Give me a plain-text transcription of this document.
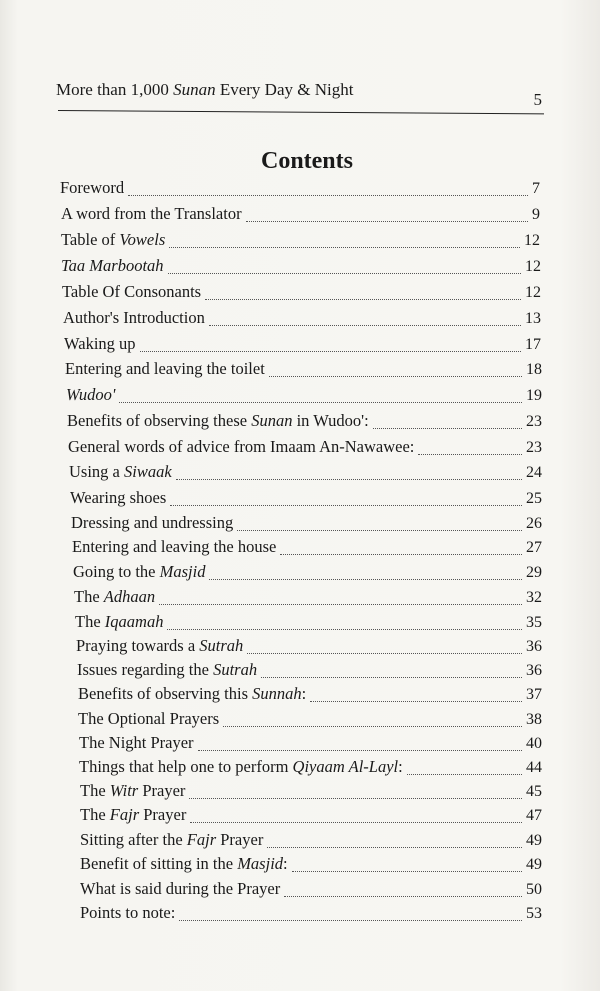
More than 1,000 Sunan Every Day & Night
5
Contents
Foreword	7
A word from the Translator	9
Table of Vowels	12
Taa Marbootah	12
Table Of Consonants	12
Author's Introduction	13
Waking up	17
Entering and leaving the toilet	18
Wudoo'	19
Benefits of observing these Sunan in Wudoo':	23
General words of advice from Imaam An-Nawawee:	23
Using a Siwaak	24
Wearing shoes	25
Dressing and undressing	26
Entering and leaving the house	27
Going to the Masjid	29
The Adhaan	32
The Iqaamah	35
Praying towards a Sutrah	36
Issues regarding the Sutrah	36
Benefits of observing this Sunnah:	37
The Optional Prayers	38
The Night Prayer	40
Things that help one to perform Qiyaam Al-Layl:	44
The Witr Prayer	45
The Fajr Prayer	47
Sitting after the Fajr Prayer	49
Benefit of sitting in the Masjid:	49
What is said during the Prayer	50
Points to note:	53
